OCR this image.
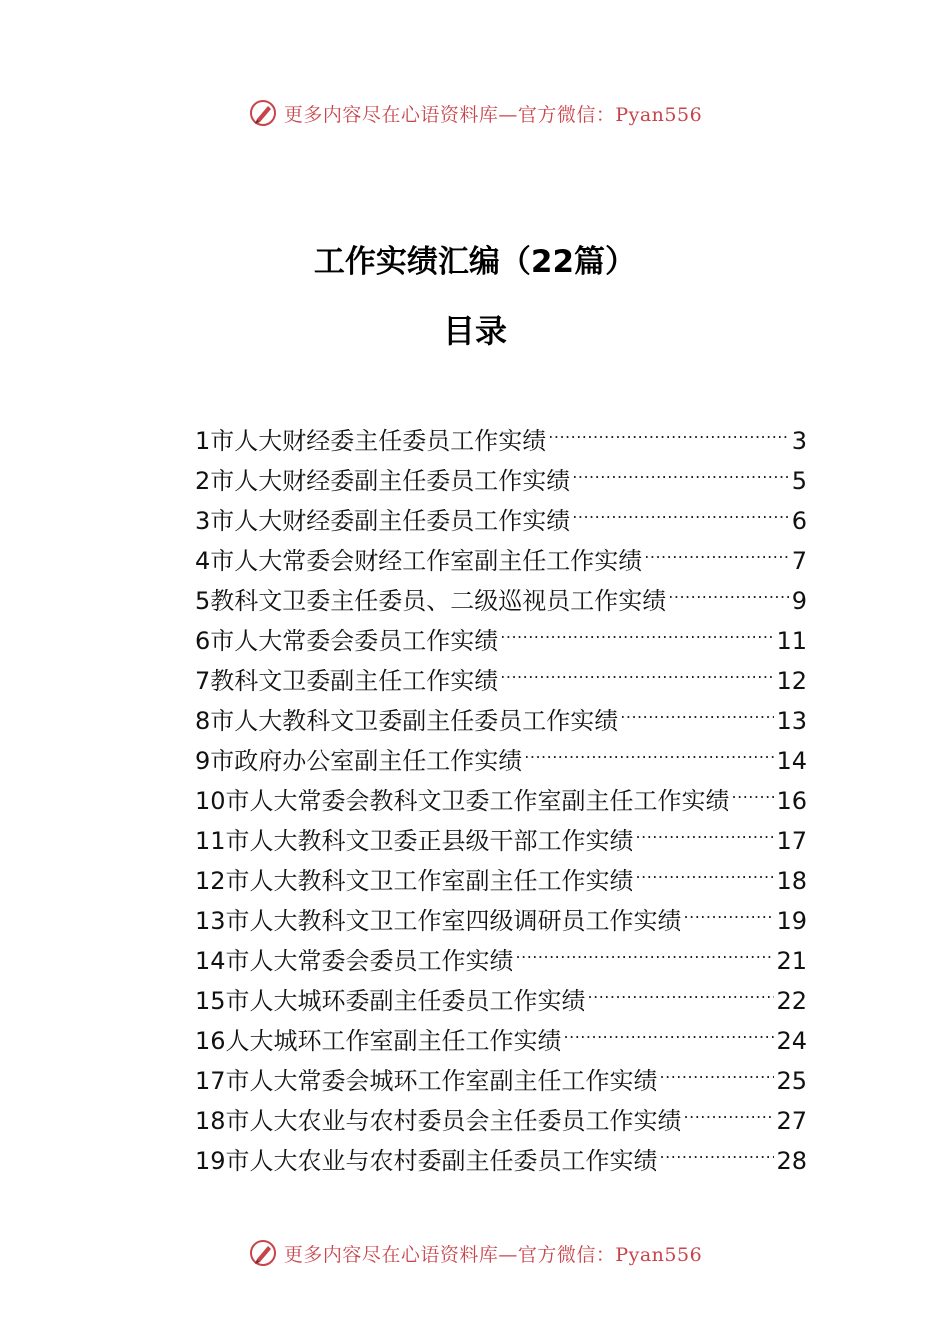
更多内容尽在心语资料库—官方微信：Pyan556
工作实绩汇编（22篇）
目录
1市人大财经委主任委员工作实绩 .....	3
2市人大财经委副主任委员工作实绩 .....	5
3市人大财经委副主任委员工作实绩 .....	6
4市人大常委会财经工作室副主任工作实绩 .....	7
5教科文卫委主任委员、二级巡视员工作实绩 .....	9
6市人大常委会委员工作实绩 .....	11
7教科文卫委副主任工作实绩 .....	12
8市人大教科文卫委副主任委员工作实绩 .....	13
9市政府办公室副主任工作实绩 .....	14
10市人大常委会教科文卫委工作室副主任工作实绩 ..... 16
11市人大教科文卫委正县级干部工作实绩 .....	17
12市人大教科文卫工作室副主任工作实绩 .....	18
13市人大教科文卫工作室四级调研员工作实绩 .....	19
14市人大常委会委员工作实绩 .....	21
15市人大城环委副主任委员工作实绩 .....	22
16人大城环工作室副主任工作实绩 .....	24
17市人大常委会城环工作室副主任工作实绩 .....	25
18市人大农业与农村委员会主任委员工作实绩 .....	27
19市人大农业与农村委副主任委员工作实绩 .....	28
更多内容尽在心语资料库—官方微信：Pyan556
